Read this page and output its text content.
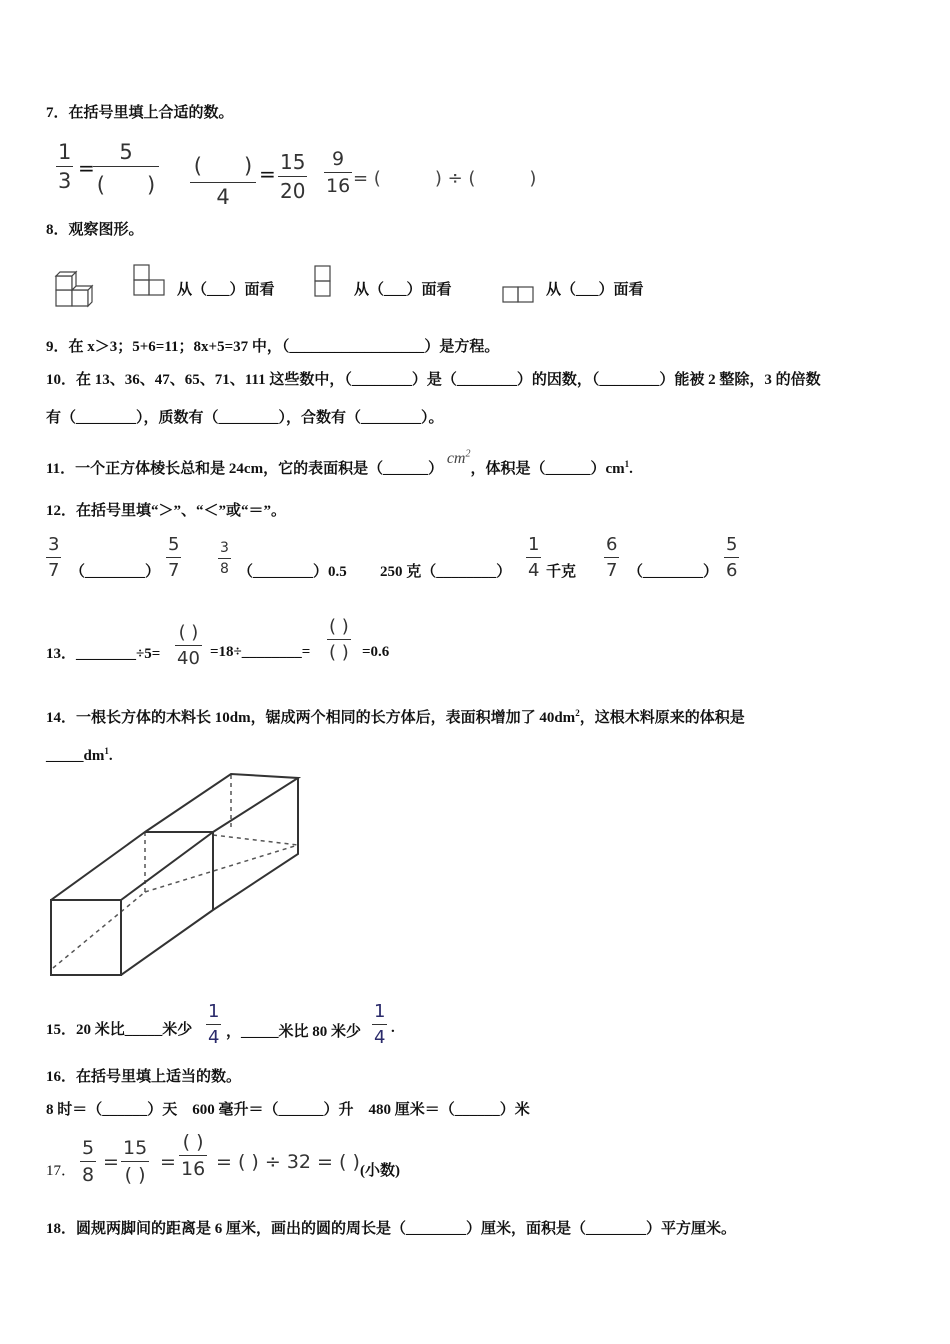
7．在括号里填上合适的数。
1
3
=
5
(　　)
(　　)
4
= 15
20
9
16 = (　　　) ÷ (　　　)
8．观察图形。
从（___）面看	从（___）面看	从（___）面看
9．在 x＞3；5+6=11；8x+5=37 中，（__________________）是方程。
10．在 13、36、47、65、71、111 这些数中，（________）是（________）的因数，（________）能被 2 整除，3 的倍数
有（________），质数有（________），合数有（________）。
11．一个正方体棱长总和是 24cm，它的表面积是（______） $cm^2$，体积是$(\_\_\_\_\_\_)cm^1$.
12．在括号里填“＞”、“＜”或“＝”。
3
7 （________）
5
7
3
8 （________）0.5 250 克（________）
1
4 千克
6
7 （________）
5
6
13．________÷5=
( )
40 =18÷________=
( )
( ) =0.6
14．一根长方体的木料长 10dm，锯成两个相同的长方体后，表面积增加了 $40dm^2$，这根木料原来的体积是
$\_\_\_\_\_dm^1$.
15．20 米比_____米少
1
4 ，_____米比 80 米少
1
4 .
16．在括号里填上适当的数。
8 时＝（______）天　600 毫升＝（______）升　480 厘米＝（______）米
17．
5
8
=
15
( )
=
( )
16 = ( ) ÷ 32 = ( ) (小数)
18．圆规两脚间的距离是 6 厘米，画出的圆的周长是（________）厘米，面积是（________）平方厘米。
